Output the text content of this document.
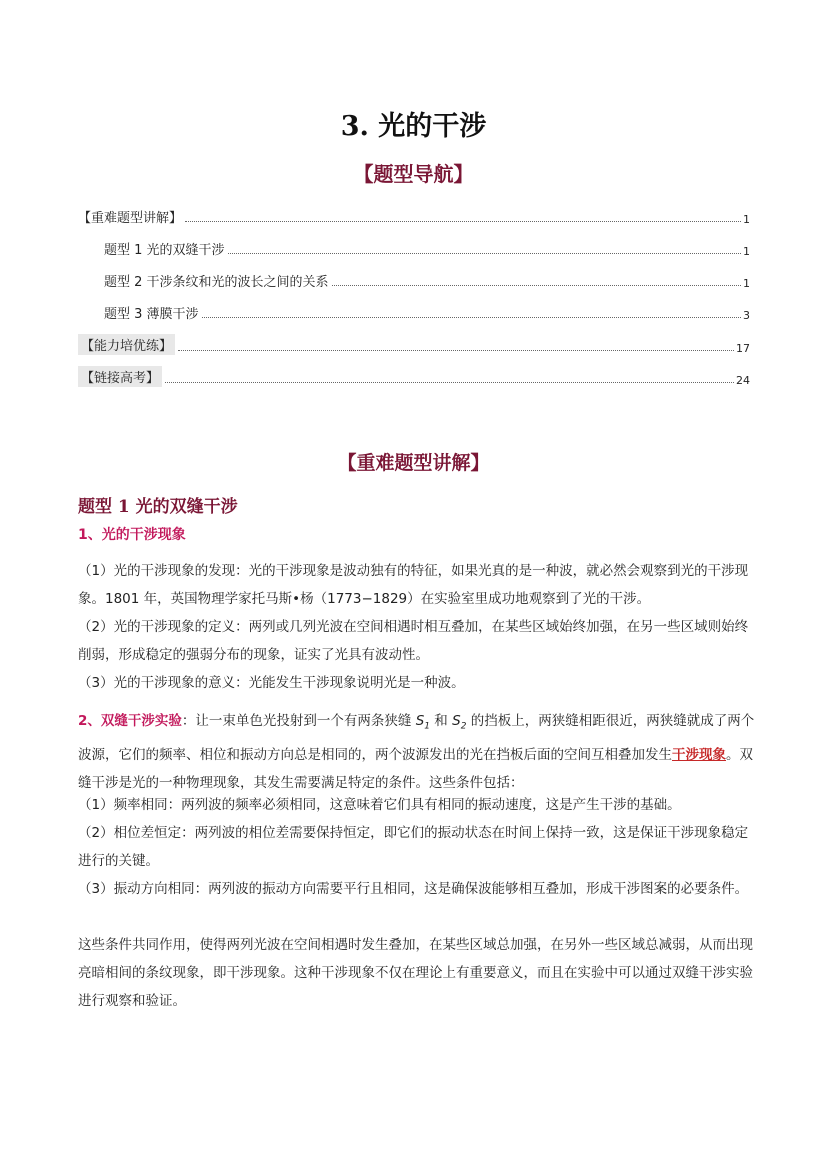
3. 光的干涉
【题型导航】
【重难题型讲解】	1
题型 1 光的双缝干涉	1
题型 2 干涉条纹和光的波长之间的关系	1
题型 3 薄膜干涉	3
【能力培优练】	17
【链接高考】	24
【重难题型讲解】
题型 1 光的双缝干涉
1、光的干涉现象
（1）光的干涉现象的发现：光的干涉现象是波动独有的特征，如果光真的是一种波，就必然会观察到光的干涉现象。1801 年，英国物理学家托马斯•杨（1773−1829）在实验室里成功地观察到了光的干涉。
（2）光的干涉现象的定义：两列或几列光波在空间相遇时相互叠加，在某些区域始终加强，在另一些区域则始终削弱，形成稳定的强弱分布的现象，证实了光具有波动性。
（3）光的干涉现象的意义：光能发生干涉现象说明光是一种波。
2、双缝干涉实验：让一束单色光投射到一个有两条狭缝 $S_1$ 和 $S_2$ 的挡板上，两狭缝相距很近，两狭缝就成了两个波源，它们的频率、相位和振动方向总是相同的，两个波源发出的光在挡板后面的空间互相叠加发生干涉现象。双缝干涉是光的一种物理现象，其发生需要满足特定的条件。这些条件包括：
（1）频率相同：两列波的频率必须相同，这意味着它们具有相同的振动速度，这是产生干涉的基础。
（2）相位差恒定：两列波的相位差需要保持恒定，即它们的振动状态在时间上保持一致，这是保证干涉现象稳定进行的关键。
（3）振动方向相同：两列波的振动方向需要平行且相同，这是确保波能够相互叠加，形成干涉图案的必要条件。
这些条件共同作用，使得两列光波在空间相遇时发生叠加，在某些区域总加强，在另外一些区域总减弱，从而出现亮暗相间的条纹现象，即干涉现象。这种干涉现象不仅在理论上有重要意义，而且在实验中可以通过双缝干涉实验进行观察和验证。
